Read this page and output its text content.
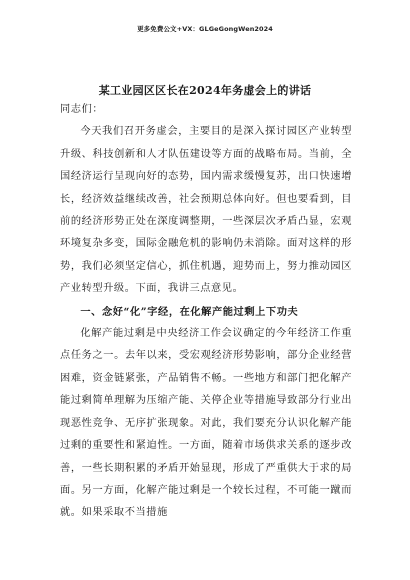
更多免费公文+VX：GLGeGongWen2024
某工业园区区长在2024年务虚会上的讲话

同志们：

今天我们召开务虚会，主要目的是深入探讨园区产业转型升级、科技创新和人才队伍建设等方面的战略布局。当前，全国经济运行呈现向好的态势，国内需求缓慢复苏，出口快速增长，经济效益继续改善，社会预期总体向好。但也要看到，目前的经济形势正处在深度调整期，一些深层次矛盾凸显，宏观环境复杂多变，国际金融危机的影响仍未消除。面对这样的形势，我们必须坚定信心，抓住机遇，迎势而上，努力推动园区产业转型升级。下面，我讲三点意见。

一、念好“化”字经，在化解产能过剩上下功夫

化解产能过剩是中央经济工作会议确定的今年经济工作重点任务之一。去年以来，受宏观经济形势影响，部分企业经营困难，资金链紧张，产品销售不畅。一些地方和部门把化解产能过剩简单理解为压缩产能、关停企业等措施导致部分行业出现恶性竞争、无序扩张现象。对此，我们要充分认识化解产能过剩的重要性和紧迫性。一方面，随着市场供求关系的逐步改善，一些长期积累的矛盾开始显现，形成了严重供大于求的局面。另一方面，化解产能过剩是一个较长过程，不可能一蹴而就。如果采取不当措施
